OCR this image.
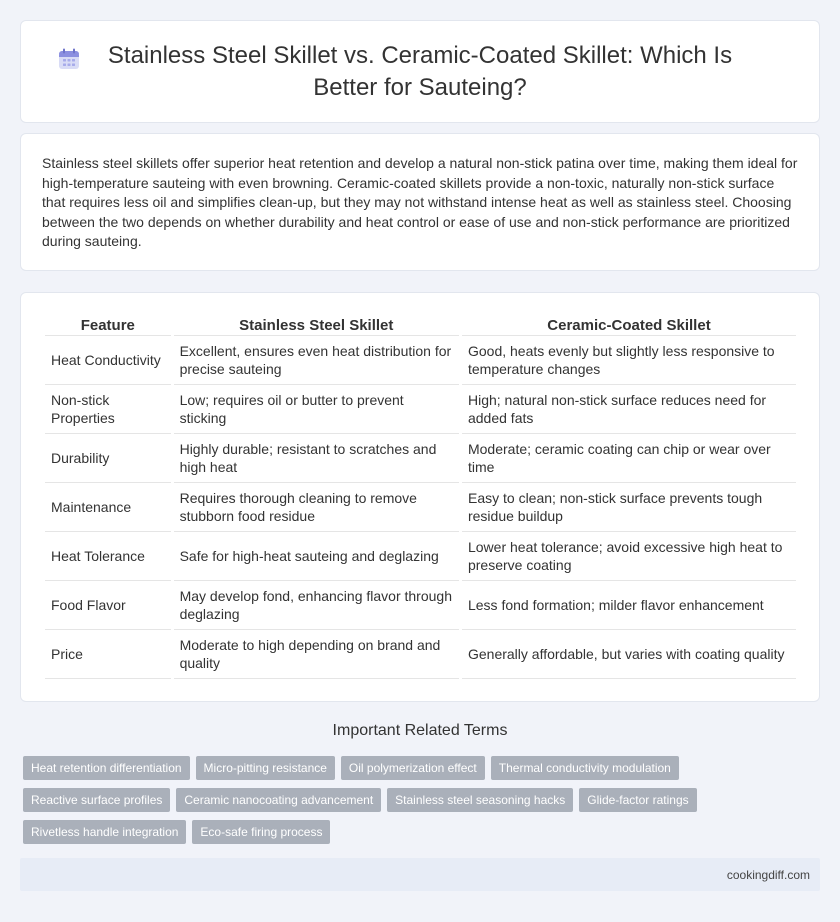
Stainless Steel Skillet vs. Ceramic-Coated Skillet: Which Is Better for Sauteing?

Stainless steel skillets offer superior heat retention and develop a natural non-stick patina over time, making them ideal for high-temperature sauteing with even browning. Ceramic-coated skillets provide a non-toxic, naturally non-stick surface that requires less oil and simplifies clean-up, but they may not withstand intense heat as well as stainless steel. Choosing between the two depends on whether durability and heat control or ease of use and non-stick performance are prioritized during sauteing.

Feature	Stainless Steel Skillet	Ceramic-Coated Skillet
Heat Conductivity	Excellent, ensures even heat distribution for precise sauteing	Good, heats evenly but slightly less responsive to temperature changes
Non-stick Properties	Low; requires oil or butter to prevent sticking	High; natural non-stick surface reduces need for added fats
Durability	Highly durable; resistant to scratches and high heat	Moderate; ceramic coating can chip or wear over time
Maintenance	Requires thorough cleaning to remove stubborn food residue	Easy to clean; non-stick surface prevents tough residue buildup
Heat Tolerance	Safe for high-heat sauteing and deglazing	Lower heat tolerance; avoid excessive high heat to preserve coating
Food Flavor	May develop fond, enhancing flavor through deglazing	Less fond formation; milder flavor enhancement
Price	Moderate to high depending on brand and quality	Generally affordable, but varies with coating quality
Important Related Terms
Heat retention differentiation	Micro-pitting resistance	Oil polymerization effect	Thermal conductivity modulation
Reactive surface profiles	Ceramic nanocoating advancement	Stainless steel seasoning hacks	Glide-factor ratings
Rivetless handle integration	Eco-safe firing process
cookingdiff.com
